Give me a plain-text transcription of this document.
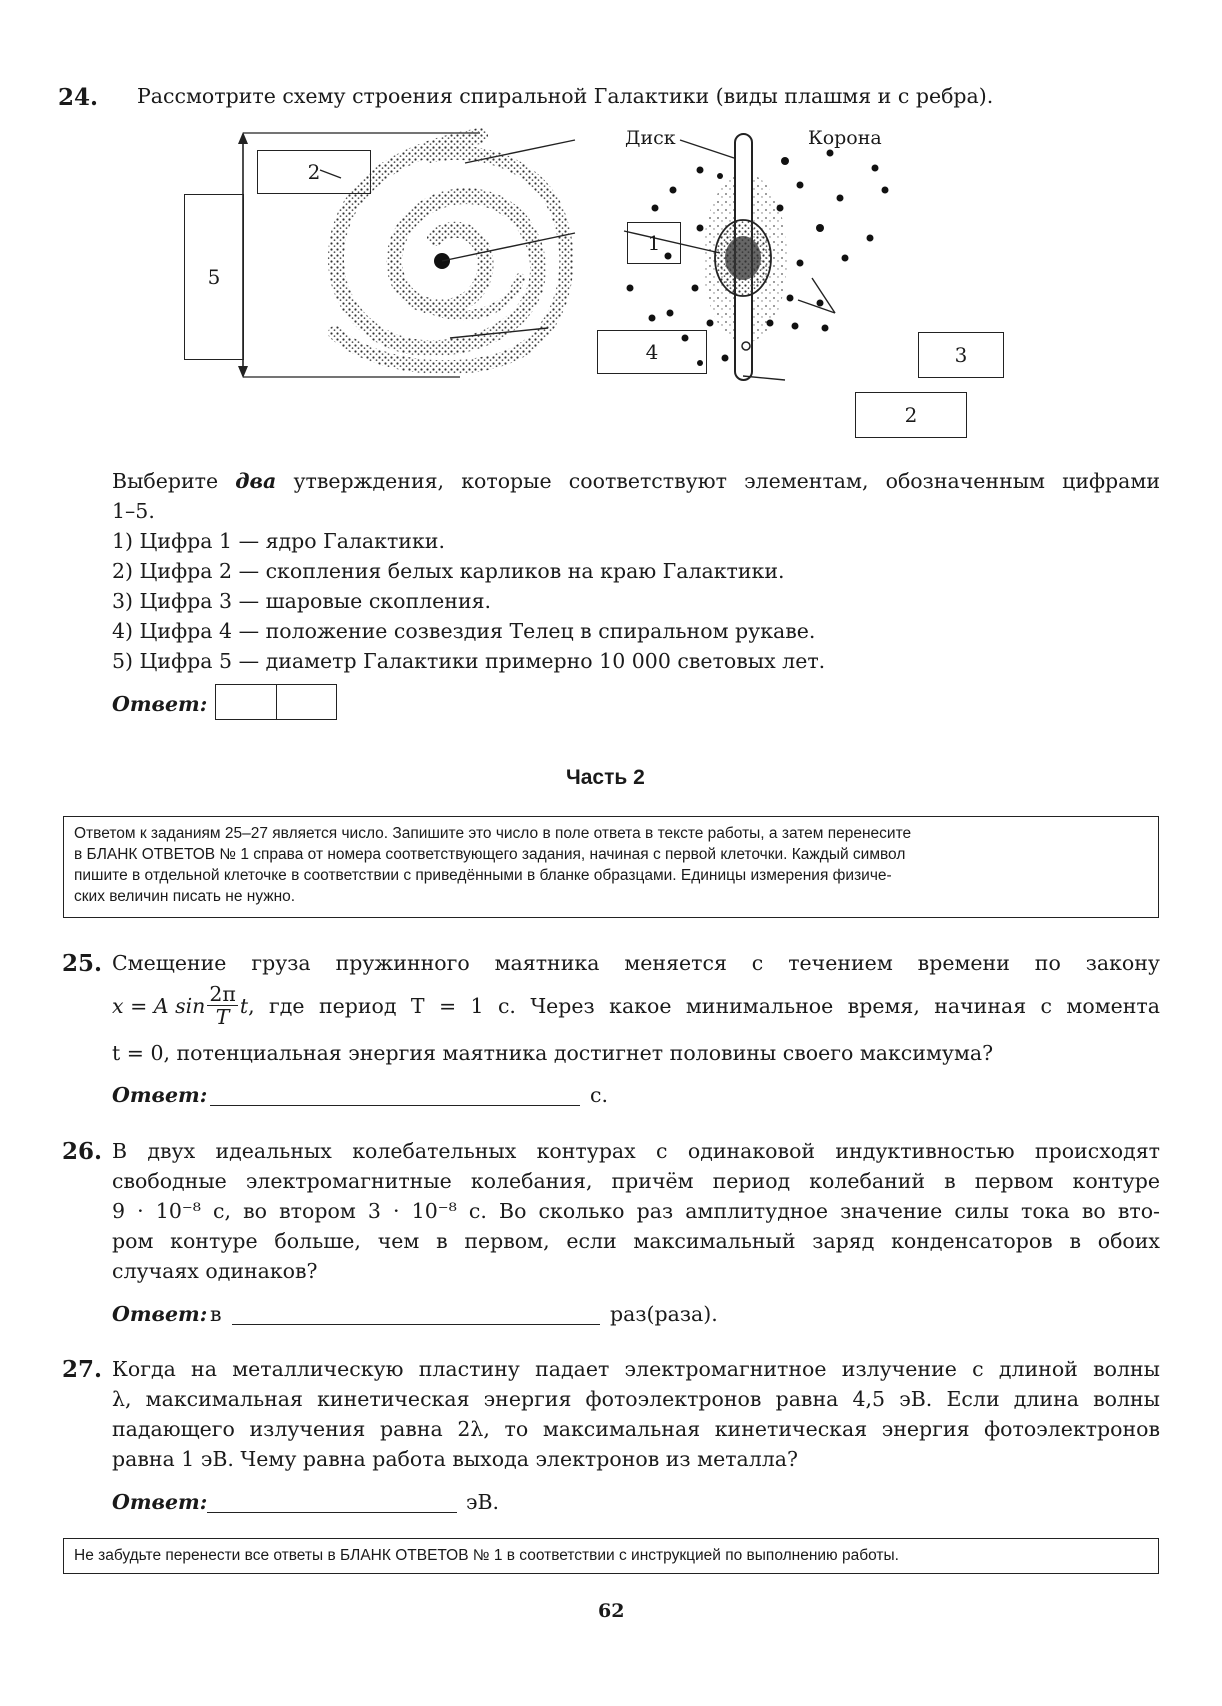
24. Рассмотрите схему строения спиральной Галактики (виды плашмя и с ребра).
Диск	Корона
2
5
1
4	3
2
Выберите два утверждения, которые соответствуют элементам, обозначенным цифрами
1–5.
1) Цифра 1 — ядро Галактики.
2) Цифра 2 — скопления белых карликов на краю Галактики.
3) Цифра 3 — шаровые скопления.
4) Цифра 4 — положение созвездия Телец в спиральном рукаве.
5) Цифра 5 — диаметр Галактики примерно 10 000 световых лет.
Ответ:
Часть 2
Ответом к заданиям 25–27 является число. Запишите это число в поле ответа в тексте работы, а затем перенесите
в БЛАНК ОТВЕТОВ № 1 справа от номера соответствующего задания, начиная с первой клеточки. Каждый символ
пишите в отдельной клеточке в соответствии с приведёнными в бланке образцами. Единицы измерения физиче-
ских величин писать не нужно.
25. Смещение груза пружинного маятника меняется с течением времени по закону
x = A $\sin \frac{2\pi}{T}$ t , где период T = 1 с. Через какое минимальное время, начиная с момента
t = 0, потенциальная энергия маятника достигнет половины своего максимума?
Ответ:	с.
26. В двух идеальных колебательных контурах с одинаковой индуктивностью происходят
свободные электромагнитные колебания, причём период колебаний в первом контуре
9 · 10⁻⁸ с, во втором 3 · 10⁻⁸ с. Во сколько раз амплитудное значение силы тока во вто-
ром контуре больше, чем в первом, если максимальный заряд конденсаторов в обоих
случаях одинаков?
Ответ: в	раз(раза).
27. Когда на металлическую пластину падает электромагнитное излучение с длиной волны
λ, максимальная кинетическая энергия фотоэлектронов равна 4,5 эВ. Если длина волны
падающего излучения равна 2λ, то максимальная кинетическая энергия фотоэлектронов
равна 1 эВ. Чему равна работа выхода электронов из металла?
Ответ:	эВ.
Не забудьте перенести все ответы в БЛАНК ОТВЕТОВ № 1 в соответствии с инструкцией по выполнению работы.
62
